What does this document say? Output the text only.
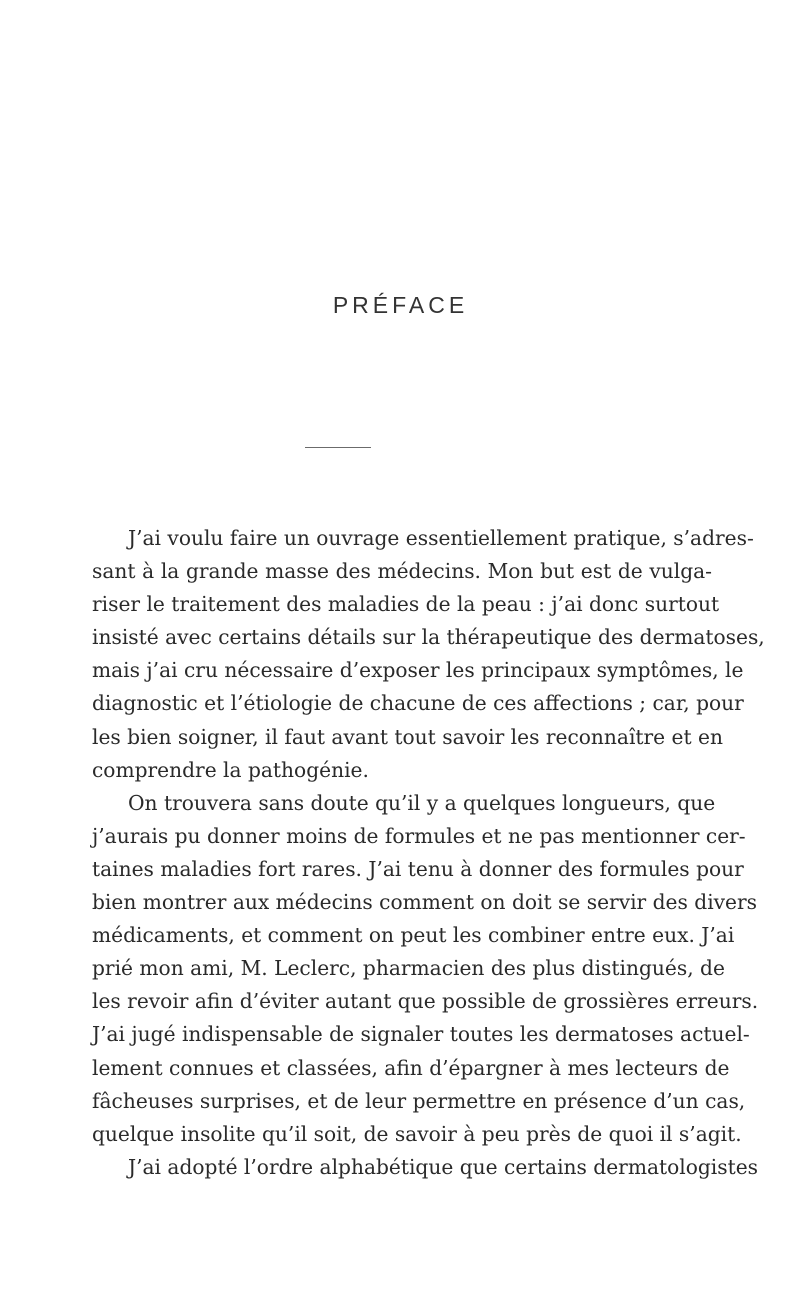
PRÉFACE

J’ai voulu faire un ouvrage essentiellement pratique, s’adres-
sant à la grande masse des médecins. Mon but est de vulga-
riser le traitement des maladies de la peau : j’ai donc surtout
insisté avec certains détails sur la thérapeutique des dermatoses,
mais j’ai cru nécessaire d’exposer les principaux symptômes, le
diagnostic et l’étiologie de chacune de ces affections ; car, pour
les bien soigner, il faut avant tout savoir les reconnaître et en
comprendre la pathogénie.

On trouvera sans doute qu’il y a quelques longueurs, que
j’aurais pu donner moins de formules et ne pas mentionner cer-
taines maladies fort rares. J’ai tenu à donner des formules pour
bien montrer aux médecins comment on doit se servir des divers
médicaments, et comment on peut les combiner entre eux. J’ai
prié mon ami, M. Leclerc, pharmacien des plus distingués, de
les revoir afin d’éviter autant que possible de grossières erreurs.
J’ai jugé indispensable de signaler toutes les dermatoses actuel-
lement connues et classées, afin d’épargner à mes lecteurs de
fâcheuses surprises, et de leur permettre en présence d’un cas,
quelque insolite qu’il soit, de savoir à peu près de quoi il s’agit.

J’ai adopté l’ordre alphabétique que certains dermatologistes
